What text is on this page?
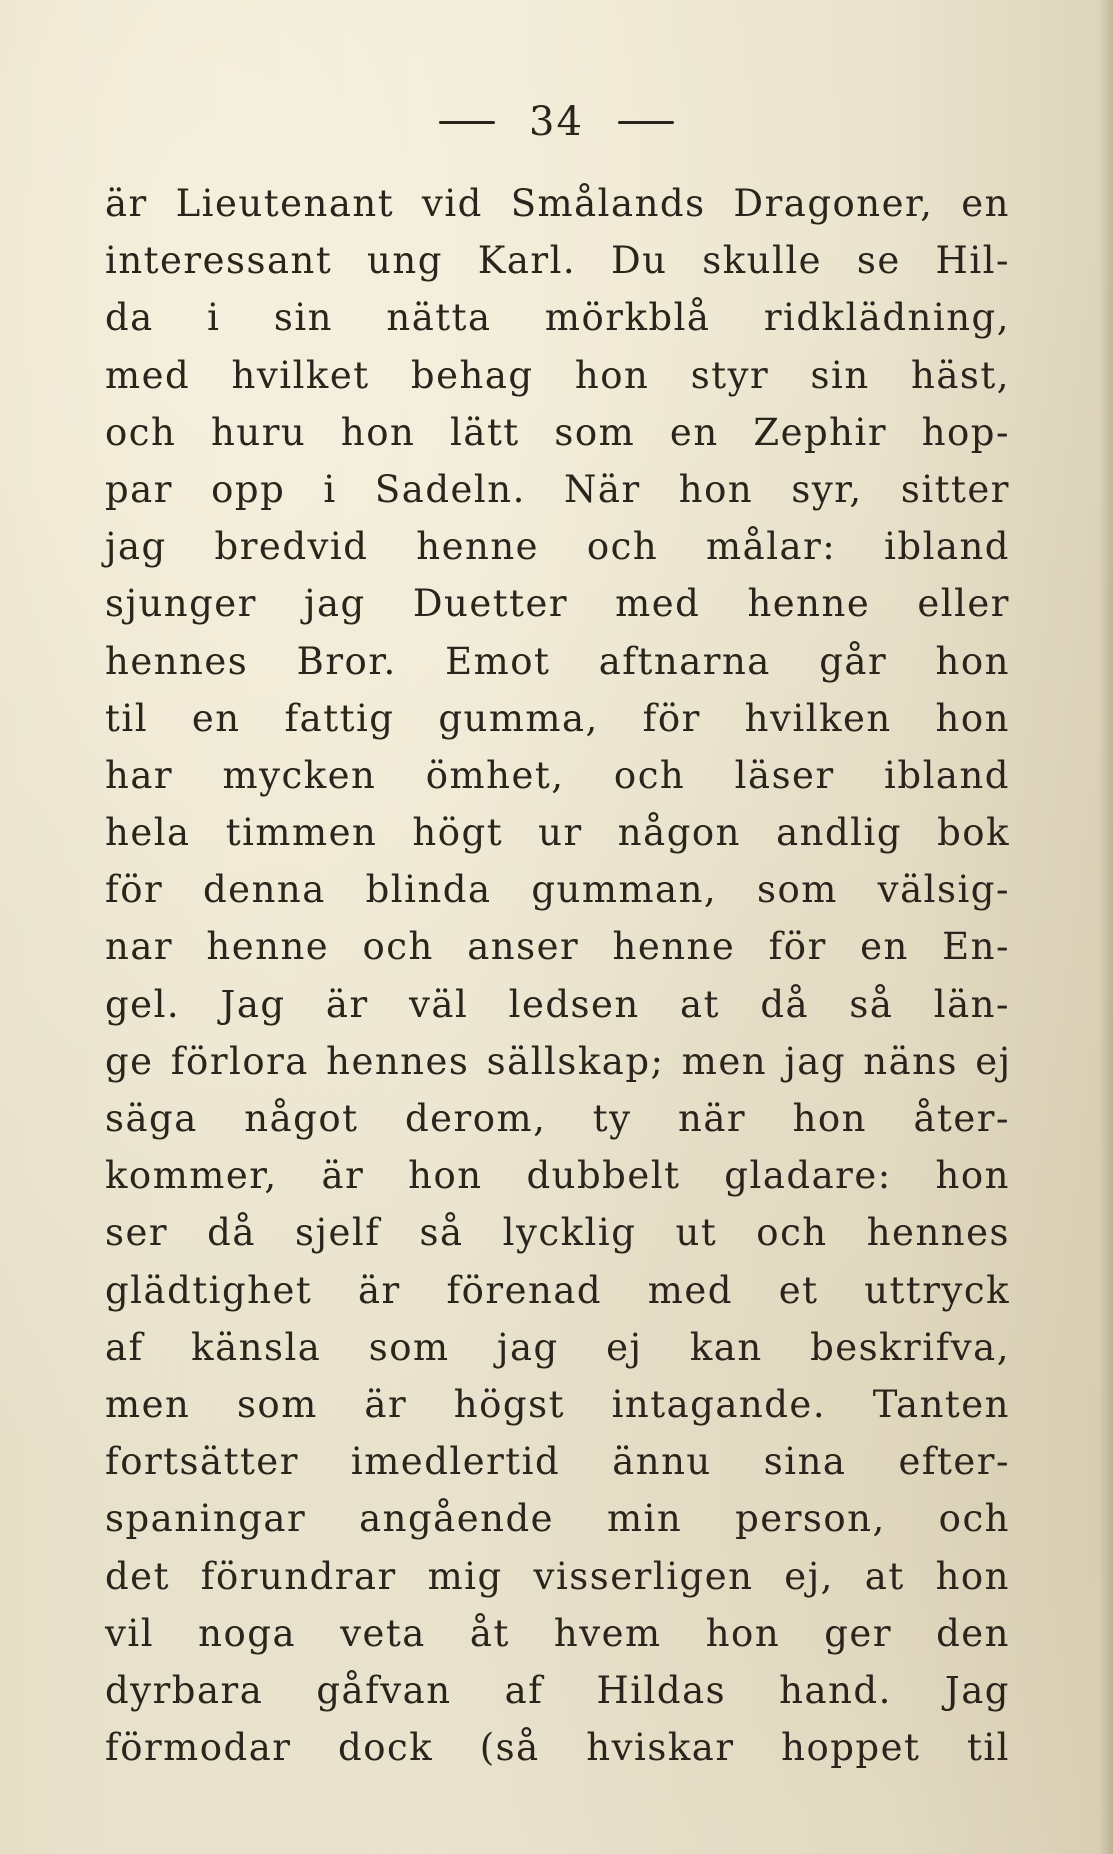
34
är Lieutenant vid Smålands Dragoner, en
interessant ung Karl. Du skulle se Hil-
da i sin nätta mörkblå ridklädning,
med hvilket behag hon styr sin häst,
och huru hon lätt som en Zephir hop-
par opp i Sadeln. När hon syr, sitter
jag bredvid henne och målar: ibland
sjunger jag Duetter med henne eller
hennes Bror. Emot aftnarna går hon
til en fattig gumma, för hvilken hon
har mycken ömhet, och läser ibland
hela timmen högt ur någon andlig bok
för denna blinda gumman, som välsig-
nar henne och anser henne för en En-
gel. Jag är väl ledsen at då så län-
ge förlora hennes sällskap; men jag näns ej
säga något derom, ty när hon åter-
kommer, är hon dubbelt gladare: hon
ser då sjelf så lycklig ut och hennes
glädtighet är förenad med et uttryck
af känsla som jag ej kan beskrifva,
men som är högst intagande. Tanten
fortsätter imedlertid ännu sina efter-
spaningar angående min person, och
det förundrar mig visserligen ej, at hon
vil noga veta åt hvem hon ger den
dyrbara gåfvan af Hildas hand. Jag
förmodar dock (så hviskar hoppet til
